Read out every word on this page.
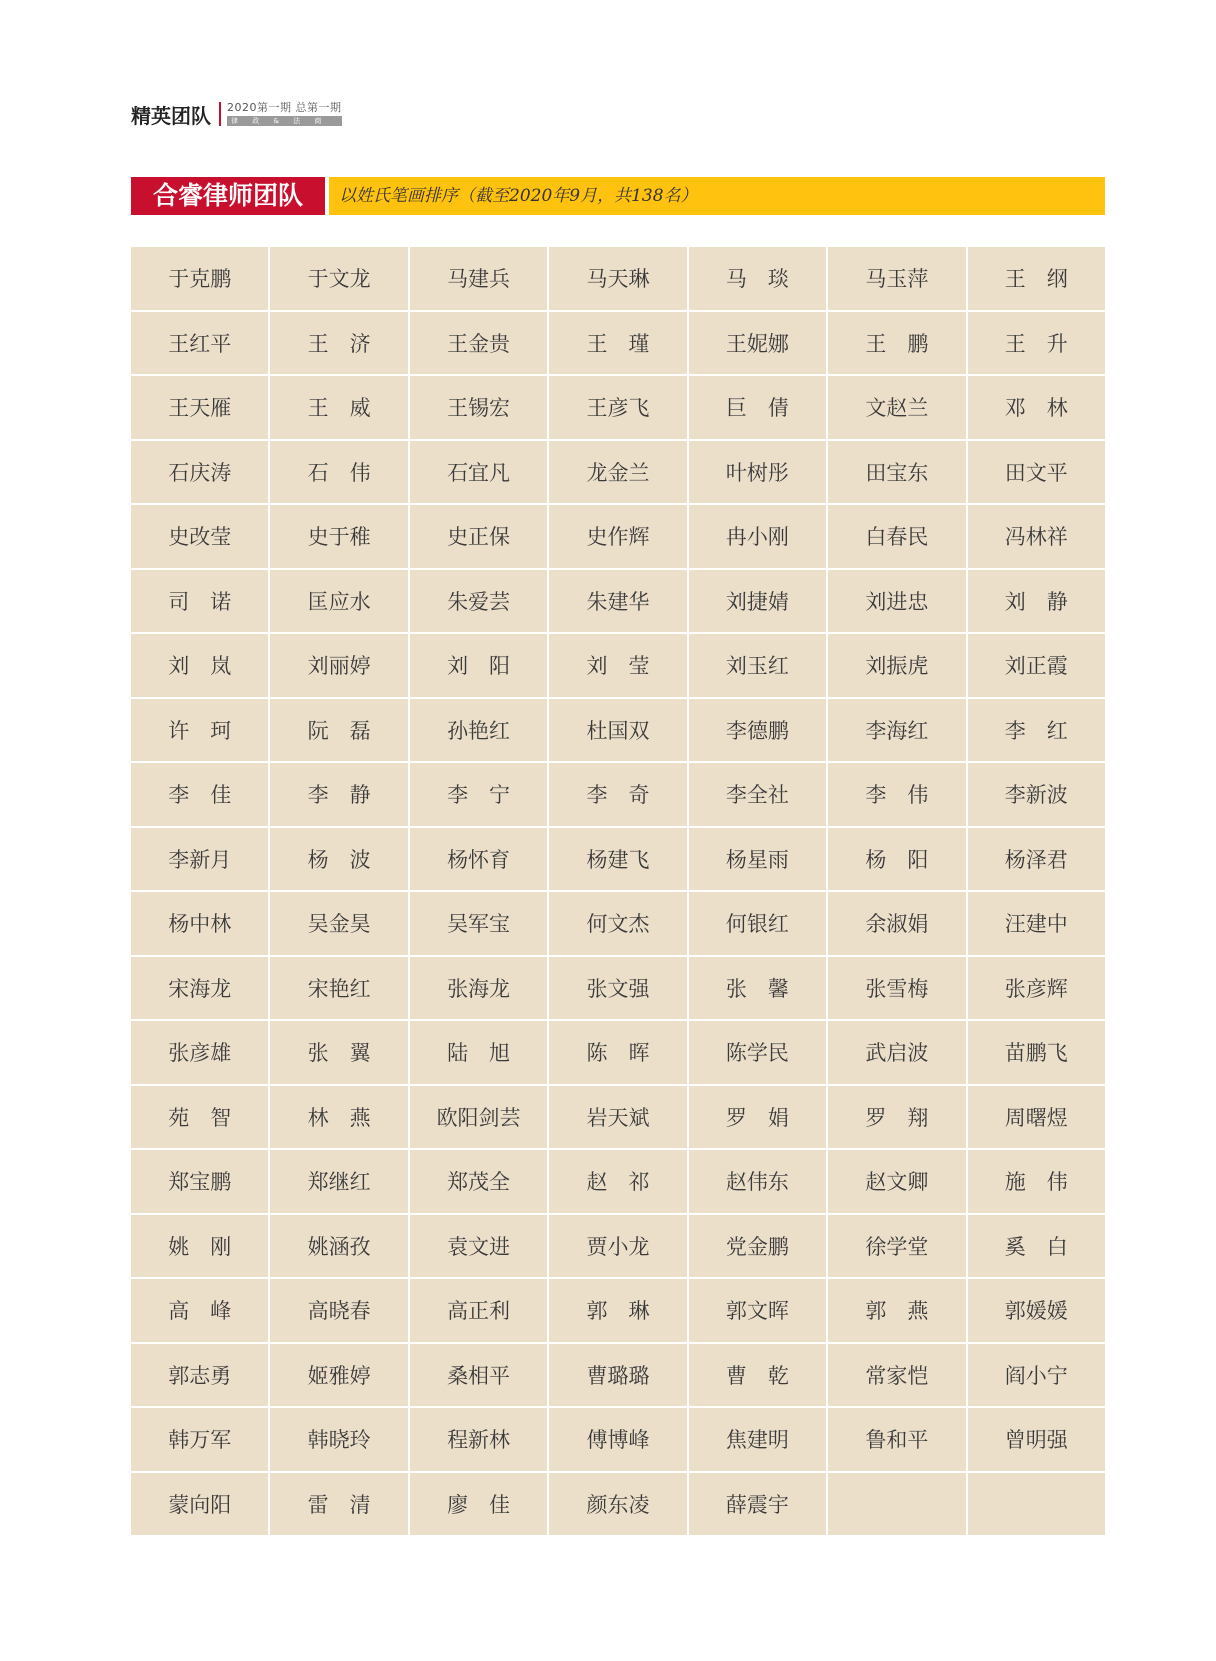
精英团队 2020第一期 总第一期
律 政 & 法 商
合睿律师团队	以姓氏笔画排序（截至2020年9月，共138名）
于克鹏	于文龙	马建兵	马天琳	马　琰	马玉萍	王　纲
王红平	王　济	王金贵	王　瑾	王妮娜	王　鹏	王　升
王天雁	王　威	王锡宏	王彦飞	巨　倩	文赵兰	邓　林
石庆涛	石　伟	石宜凡	龙金兰	叶树彤	田宝东	田文平
史改莹	史于稚	史正保	史作辉	冉小刚	白春民	冯林祥
司　诺	匡应水	朱爱芸	朱建华	刘捷婧	刘进忠	刘　静
刘　岚	刘丽婷	刘　阳	刘　莹	刘玉红	刘振虎	刘正霞
许　珂	阮　磊	孙艳红	杜国双	李德鹏	李海红	李　红
李　佳	李　静	李　宁	李　奇	李全社	李　伟	李新波
李新月	杨　波	杨怀育	杨建飞	杨星雨	杨　阳	杨泽君
杨中林	吴金昊	吴军宝	何文杰	何银红	余淑娟	汪建中
宋海龙	宋艳红	张海龙	张文强	张　馨	张雪梅	张彦辉
张彦雄	张　翼	陆　旭	陈　晖	陈学民	武启波	苗鹏飞
苑　智	林　燕	欧阳剑芸	岩天斌	罗　娟	罗　翔	周曙煜
郑宝鹏	郑继红	郑茂全	赵　祁	赵伟东	赵文卿	施　伟
姚　刚	姚涵孜	袁文进	贾小龙	党金鹏	徐学堂	奚　白
高　峰	高晓春	高正利	郭　琳	郭文晖	郭　燕	郭媛媛
郭志勇	姬雅婷	桑相平	曹璐璐	曹　乾	常家恺	阎小宁
韩万军	韩晓玲	程新林	傅博峰	焦建明	鲁和平	曾明强
蒙向阳	雷　清	廖　佳	颜东凌	薛震宇
